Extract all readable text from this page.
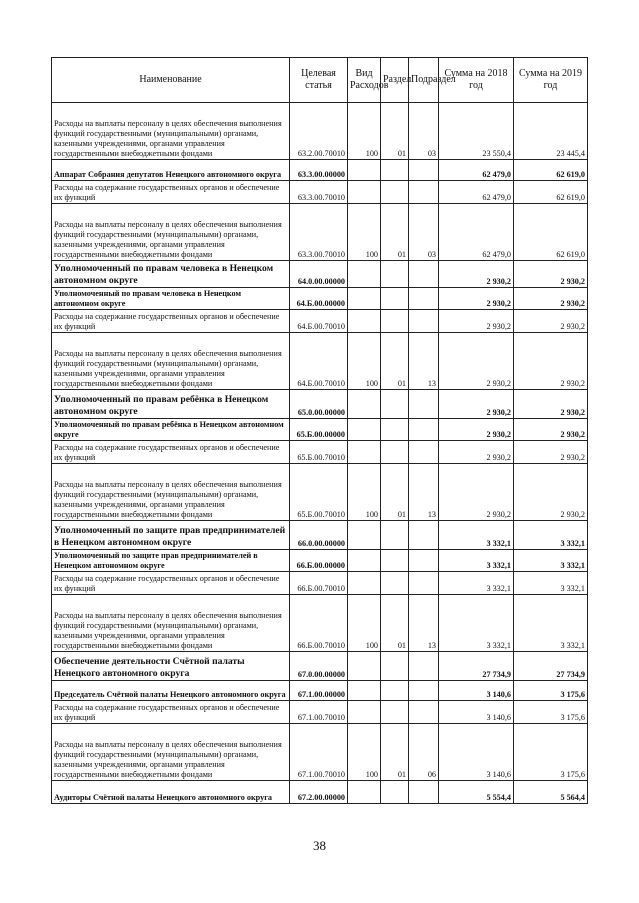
Наименование	Целевая статья	Вид Расходов	Раздел	Подраздел	Сумма на 2018 год	Сумма на 2019 год
Расходы на выплаты персоналу в целях обеспечения выполнения функций государственными (муниципальными) органами, казенными учреждениями, органами управления государственными внебюджетными фондами	63.2.00.70010	100	01	03	23 550,4	23 445,4
Аппарат Собрания депутатов Ненецкого автономного округа	63.3.00.00000				62 479,0	62 619,0
Расходы на содержание государственных органов и обеспечение их функций	63.3.00.70010				62 479,0	62 619,0
Расходы на выплаты персоналу в целях обеспечения выполнения функций государственными (муниципальными) органами, казенными учреждениями, органами управления государственными внебюджетными фондами	63.3.00.70010	100	01	03	62 479,0	62 619,0
Уполномоченный по правам человека в Ненецком автономном округе	64.0.00.00000				2 930,2	2 930,2
Уполномоченный по правам человека в Ненецком автономном округе	64.Б.00.00000				2 930,2	2 930,2
Расходы на содержание государственных органов и обеспечение их функций	64.Б.00.70010				2 930,2	2 930,2
Расходы на выплаты персоналу в целях обеспечения выполнения функций государственными (муниципальными) органами, казенными учреждениями, органами управления государственными внебюджетными фондами	64.Б.00.70010	100	01	13	2 930,2	2 930,2
Уполномоченный по правам ребёнка в Ненецком автономном округе	65.0.00.00000				2 930,2	2 930,2
Уполномоченный по правам ребёнка в Ненецком автономном округе	65.Б.00.00000				2 930,2	2 930,2
Расходы на содержание государственных органов и обеспечение их функций	65.Б.00.70010				2 930,2	2 930,2
Расходы на выплаты персоналу в целях обеспечения выполнения функций государственными (муниципальными) органами, казенными учреждениями, органами управления государственными внебюджетными фондами	65.Б.00.70010	100	01	13	2 930,2	2 930,2
Уполномоченный по защите прав предпринимателей в Ненецком автономном округе	66.0.00.00000				3 332,1	3 332,1
Уполномоченный по защите прав предпринимателей в Ненецком автономном округе	66.Б.00.00000				3 332,1	3 332,1
Расходы на содержание государственных органов и обеспечение их функций	66.Б.00.70010				3 332,1	3 332,1
Расходы на выплаты персоналу в целях обеспечения выполнения функций государственными (муниципальными) органами, казенными учреждениями, органами управления государственными внебюджетными фондами	66.Б.00.70010	100	01	13	3 332,1	3 332,1
Обеспечение деятельности Счётной палаты Ненецкого автономного округа	67.0.00.00000				27 734,9	27 734,9
Председатель Счётной палаты Ненецкого автономного округа	67.1.00.00000				3 140,6	3 175,6
Расходы на содержание государственных органов и обеспечение их функций	67.1.00.70010				3 140,6	3 175,6
Расходы на выплаты персоналу в целях обеспечения выполнения функций государственными (муниципальными) органами, казенными учреждениями, органами управления государственными внебюджетными фондами	67.1.00.70010	100	01	06	3 140,6	3 175,6
Аудиторы Счётной палаты Ненецкого автономного округа	67.2.00.00000				5 554,4	5 564,4
38
